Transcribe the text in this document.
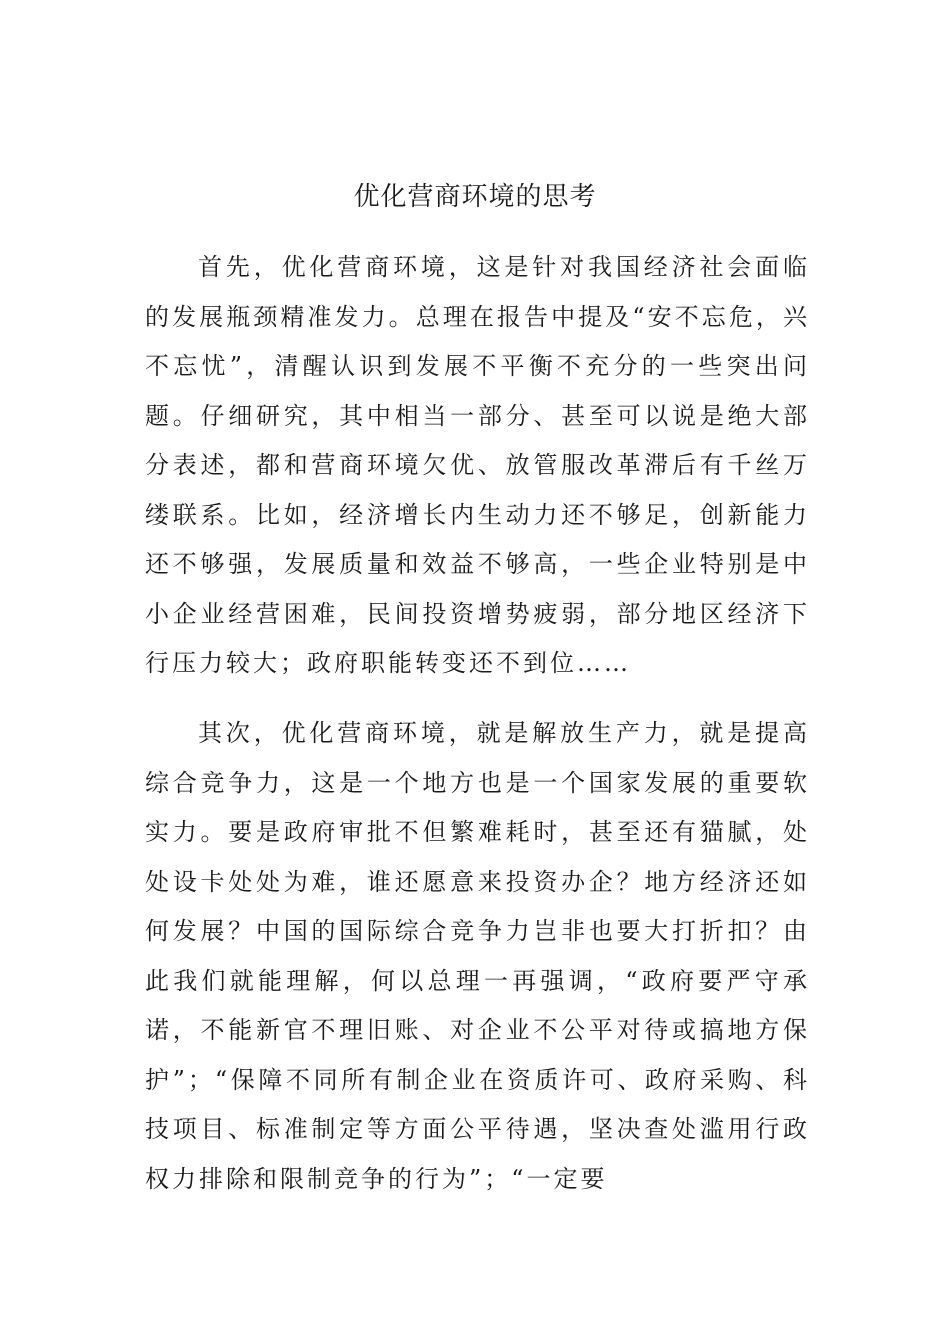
优化营商环境的思考

首先，优化营商环境，这是针对我国经济社会面临的发展瓶颈精准发力。总理在报告中提及“安不忘危，兴不忘忧”，清醒认识到发展不平衡不充分的一些突出问题。仔细研究，其中相当一部分、甚至可以说是绝大部分表述，都和营商环境欠优、放管服改革滞后有千丝万缕联系。比如，经济增长内生动力还不够足，创新能力还不够强，发展质量和效益不够高，一些企业特别是中小企业经营困难，民间投资增势疲弱，部分地区经济下行压力较大；政府职能转变还不到位……

其次，优化营商环境，就是解放生产力，就是提高综合竞争力，这是一个地方也是一个国家发展的重要软实力。要是政府审批不但繁难耗时，甚至还有猫腻，处处设卡处处为难，谁还愿意来投资办企？地方经济还如何发展？中国的国际综合竞争力岂非也要大打折扣？由此我们就能理解，何以总理一再强调，“政府要严守承诺，不能新官不理旧账、对企业不公平对待或搞地方保护”；“保障不同所有制企业在资质许可、政府采购、科技项目、标准制定等方面公平待遇，坚决查处滥用行政权力排除和限制竞争的行为”；“一定要
